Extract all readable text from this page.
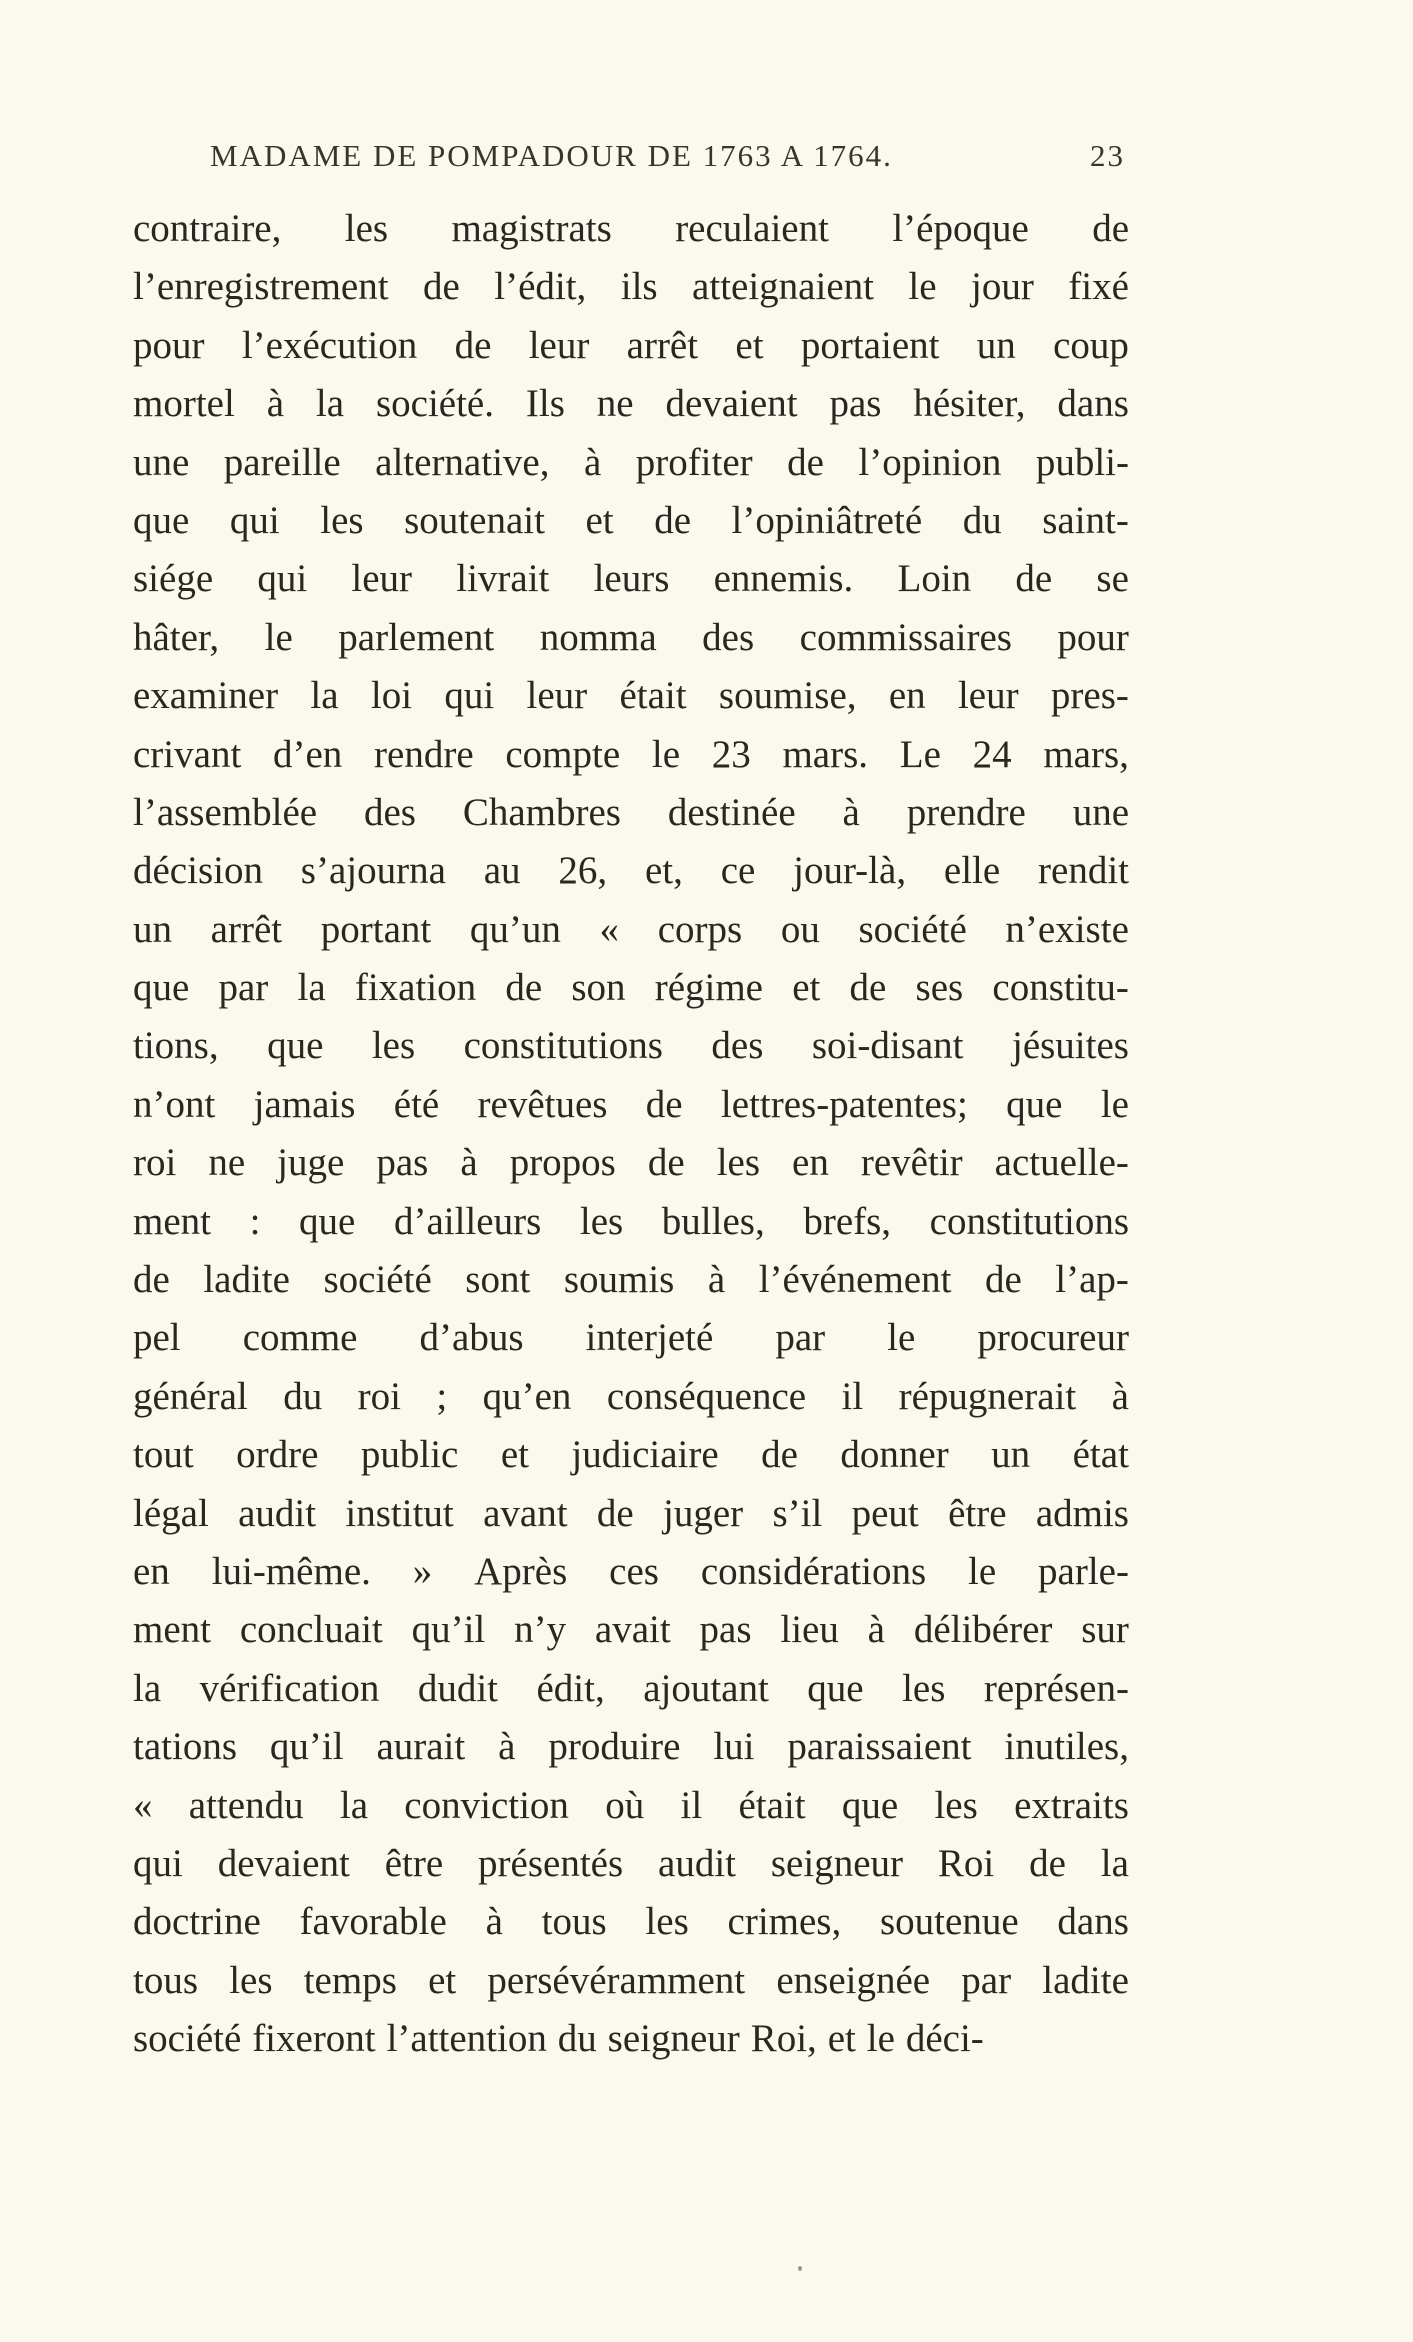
MADAME DE POMPADOUR DE 1763 A 1764.	23
contraire, les magistrats reculaient l’époque de
l’enregistrement de l’édit, ils atteignaient le jour fixé
pour l’exécution de leur arrêt et portaient un coup
mortel à la société. Ils ne devaient pas hésiter, dans
une pareille alternative, à profiter de l’opinion publi-
que qui les soutenait et de l’opiniâtreté du saint-
siége qui leur livrait leurs ennemis. Loin de se
hâter, le parlement nomma des commissaires pour
examiner la loi qui leur était soumise, en leur pres-
crivant d’en rendre compte le 23 mars. Le 24 mars,
l’assemblée des Chambres destinée à prendre une
décision s’ajourna au 26, et, ce jour-là, elle rendit
un arrêt portant qu’un « corps ou société n’existe
que par la fixation de son régime et de ses constitu-
tions, que les constitutions des soi-disant jésuites
n’ont jamais été revêtues de lettres-patentes; que le
roi ne juge pas à propos de les en revêtir actuelle-
ment : que d’ailleurs les bulles, brefs, constitutions
de ladite société sont soumis à l’événement de l’ap-
pel comme d’abus interjeté par le procureur
général du roi ; qu’en conséquence il répugnerait à
tout ordre public et judiciaire de donner un état
légal audit institut avant de juger s’il peut être admis
en lui-même. » Après ces considérations le parle-
ment concluait qu’il n’y avait pas lieu à délibérer sur
la vérification dudit édit, ajoutant que les représen-
tations qu’il aurait à produire lui paraissaient inutiles,
« attendu la conviction où il était que les extraits
qui devaient être présentés audit seigneur Roi de la
doctrine favorable à tous les crimes, soutenue dans
tous les temps et persévéramment enseignée par ladite
société fixeront l’attention du seigneur Roi, et le déci-
